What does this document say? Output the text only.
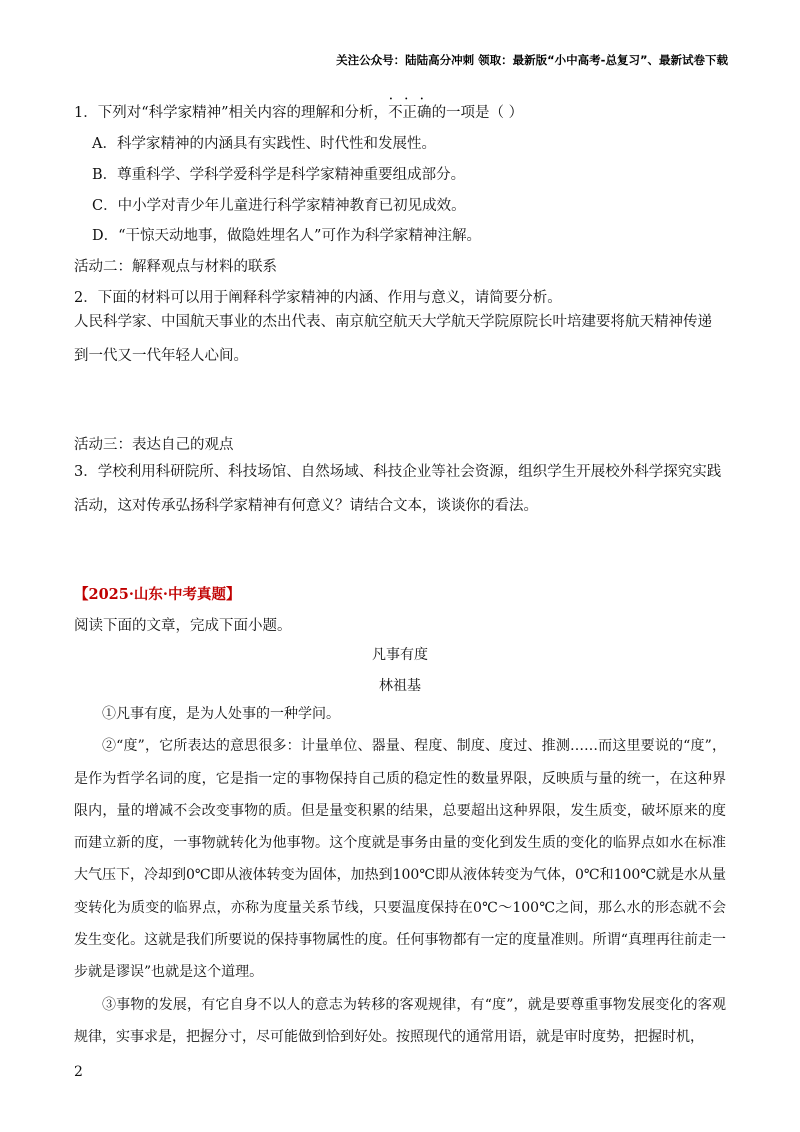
关注公众号：陆陆高分冲刺 领取：最新版“小中高考-总复习”、最新试卷下载
1．下列对“科学家精神”相关内容的理解和分析，• • • 不正确的一项是（ ）
A．科学家精神的内涵具有实践性、时代性和发展性。
B．尊重科学、学科学爱科学是科学家精神重要组成部分。
C．中小学对青少年儿童进行科学家精神教育已初见成效。
D．“干惊天动地事，做隐姓埋名人”可作为科学家精神注解。
活动二：解释观点与材料的联系
2．下面的材料可以用于阐释科学家精神的内涵、作用与意义，请简要分析。
人民科学家、中国航天事业的杰出代表、南京航空航天大学航天学院原院长叶培建要将航天精神传递到一代又一代年轻人心间。
活动三：表达自己的观点
3．学校利用科研院所、科技场馆、自然场域、科技企业等社会资源，组织学生开展校外科学探究实践活动，这对传承弘扬科学家精神有何意义？请结合文本，谈谈你的看法。
【2025·山东·中考真题】
阅读下面的文章，完成下面小题。
凡事有度
林祖基

①凡事有度，是为人处事的一种学问。

②“度”，它所表达的意思很多：计量单位、器量、程度、制度、度过、推测……而这里要说的“度”，是作为哲学名词的度，它是指一定的事物保持自己质的稳定性的数量界限，反映质与量的统一，在这种界限内，量的增减不会改变事物的质。但是量变积累的结果，总要超出这种界限，发生质变，破坏原来的度而建立新的度，一事物就转化为他事物。这个度就是事务由量的变化到发生质的变化的临界点如水在标准大气压下，冷却到0℃即从液体转变为固体，加热到100℃即从液体转变为气体，0℃和100℃就是水从量变转化为质变的临界点，亦称为度量关系节线，只要温度保持在0℃～100℃之间，那么水的形态就不会发生变化。这就是我们所要说的保持事物属性的度。任何事物都有一定的度量准则。所谓“真理再往前走一步就是谬误”也就是这个道理。

③事物的发展，有它自身不以人的意志为转移的客观规律，有“度”，就是要尊重事物发展变化的客观规律，实事求是，把握分寸，尽可能做到恰到好处。按照现代的通常用语，就是审时度势，把握时机，

2
